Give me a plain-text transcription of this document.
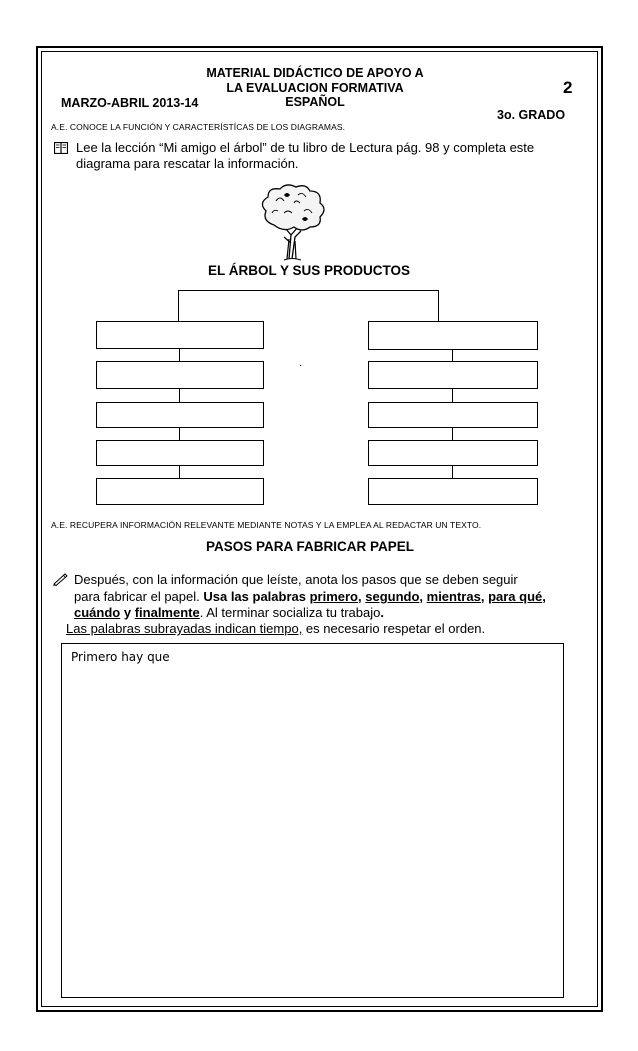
MATERIAL DIDÁCTICO DE APOYO A
LA EVALUACION FORMATIVA
ESPAÑOL
MARZO-ABRIL 2013-14
2
3o. GRADO
A.E. CONOCE LA FUNCIÓN Y CARACTERÍSTÍCAS DE LOS DIAGRAMAS.
Lee la lección “Mi amigo el árbol” de tu libro de Lectura pág. 98 y completa este
diagrama para rescatar la información.
EL ÁRBOL Y SUS PRODUCTOS
·
A.E. RECUPERA INFORMACIÓN RELEVANTE MEDIANTE NOTAS Y LA EMPLEA AL REDACTAR UN TEXTO.
PASOS PARA FABRICAR PAPEL
Después, con la información que leíste, anota los pasos que se deben seguir
para fabricar el papel. Usa las palabras primero, segundo, mientras, para qué,
cuándo y finalmente. Al terminar socializa tu trabajo.
Las palabras subrayadas indican tiempo, es necesario respetar el orden.
Primero hay que
